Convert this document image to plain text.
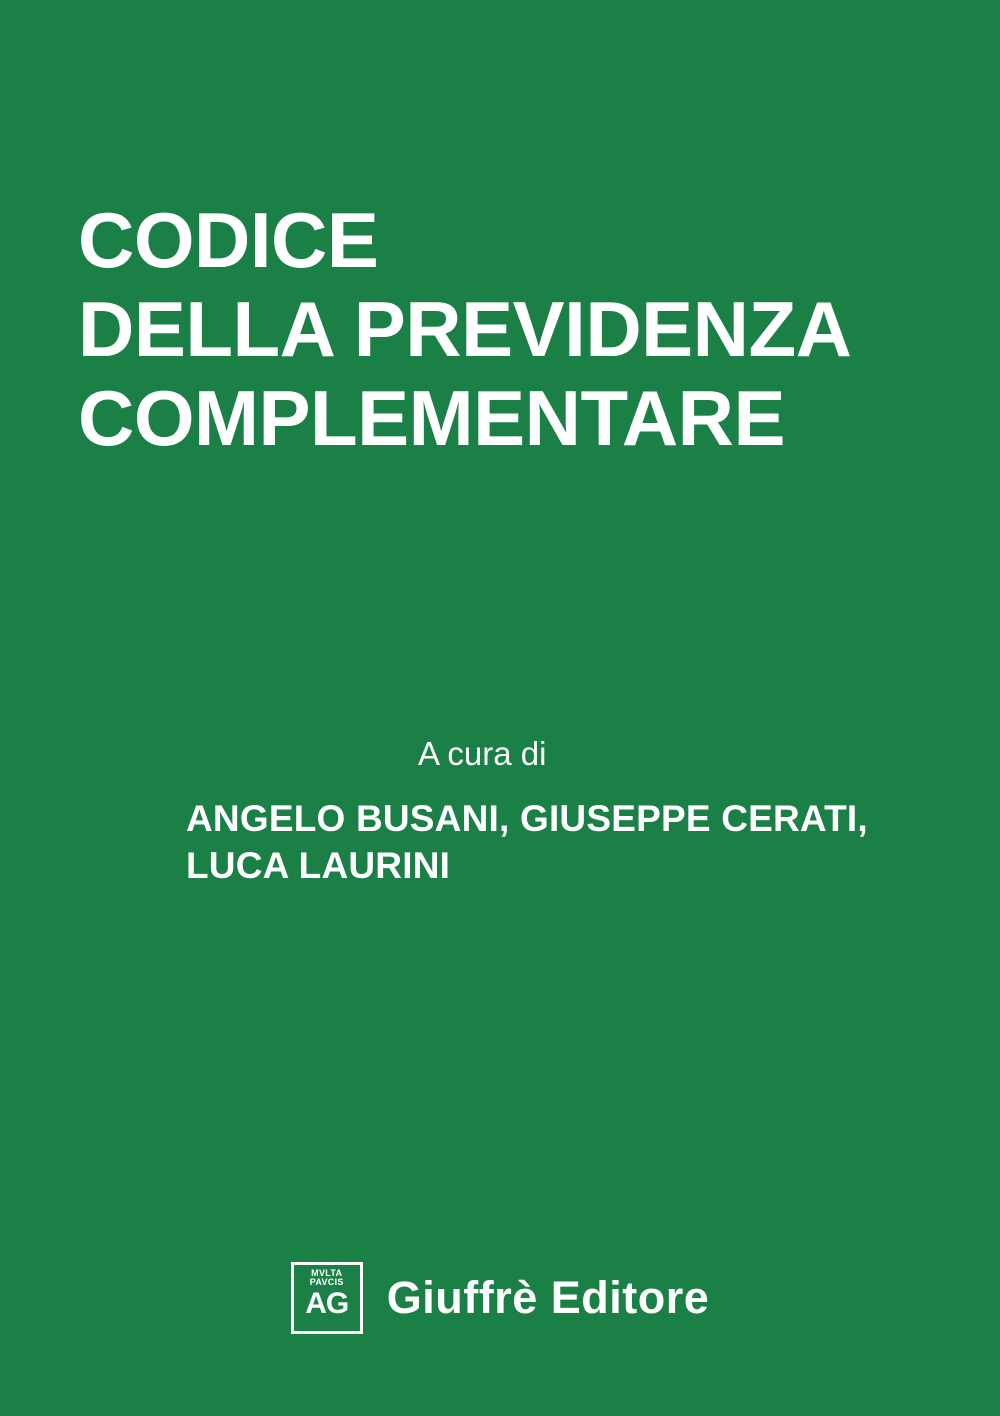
CODICE
DELLA PREVIDENZA
COMPLEMENTARE
A cura di
ANGELO BUSANI, GIUSEPPE CERATI,
LUCA LAURINI
MVLTA
PAVCIS
AG Giuffrè Editore
